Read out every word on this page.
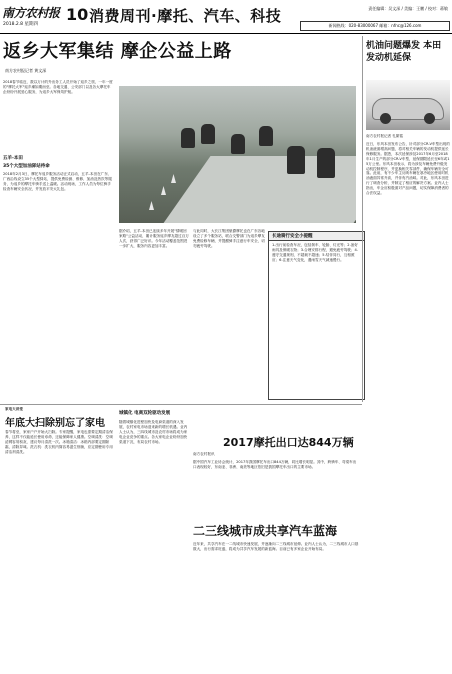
南方农村报
2018.2.8 星期四
10 消费周刊·摩托、汽车、科技	责任编辑：吴文深 / 美编：王鹏 / 校对：蒋敏
新闻热线：020-83000067 邮箱：nfnc@126.com
返乡大军集结 摩企公益上路
南方农村报记者 黄文深
2018春节临近，数以万计的外出务工人员开始了返乡之旅，一年一度的"摩托大军"返乡潮如期而至。各地交通、公安部门以及各大摩托车企纷纷开展爱心服务，为返乡大军保驾护航。
五羊-本田
35个大型加油驿站待命
2018年2月3日，摩托车返乡服务活动正式启动，五羊-本田在广东、广西沿线设立35个大型驿站，提供免费检测、维修、加油及热饮等服务，为返乡的摩托车骑手送上温暖。活动现场，工作人员为每位骑手检查车辆安全状况，并发放平安大礼包。
据介绍，五羊-本田已连续多年开展"情暖回家路"公益活动，累计服务返乡摩友超过百万人次，获得广泛好评。今年活动覆盖范围进一步扩大，服务内容更加丰富。
与此同时，大长江集团豪爵摩托也在广东各地设立了多个服务站，联合交警部门为返乡摩友免费检修车辆，并提醒骑手注意行车安全，切勿疲劳驾驶。
长途骑行安全小提醒
1.出行前检查车况，包括刹车、轮胎、灯光等；2.备好雨具及保暖衣物；3.合理安排行程，避免疲劳驾驶；4.遵守交通规则，不超载不超速；5.结伴同行，互相照应；6.注意天气变化，遇雨雪天气减速慢行。
机油问题爆发 本田发动机延保
南方农村报记者 孔繁铭
近日，东风本田发布公告，针对部分CR-V车型出现的机油液面增高问题，将对相关车辆的发动机提供延长保修服务。据悉，本次延保涉及2017年6月至2018年1月生产的部分CR-V车型，延保期限延长至6年或15万公里。东风本田表示，将为涉及车辆免费升级发动机控制程序，并更换相关零部件，确保车辆安全可靠。此前，有不少车主反映车辆在寒冷地区使用时机油液面异常升高，并伴有汽油味。对此，东风本田进行了调查分析，并制定了相应的解决方案。业内人士指出，车企应积极面对产品问题，切实保障消费者的合法权益。
家电大讲堂
年底大扫除别忘了家电
春节将至，家家户户开始大扫除。专家提醒，家电也需要定期清洁保养，这样不仅能延长使用寿命，还能保障家人健康。空调清洗：空调滤网容易积灰，建议每月清洗一次。冰箱清洁：冰箱内部要定期除霜，清除异味。洗衣机：洗衣机内筒容易滋生细菌，应定期使用专用清洁剂清洗。
城镇化 电商双轮驱动发展
随着城镇化进程加快及电商渠道的深入发展，农村家电市场迎来新的增长机遇。业内人士认为，三四线城市及农村市场将成为家电企业竞争的重点。各大家电企业纷纷加快渠道下沉，布局农村市场。	2017摩托出口达844万辆
南方农村报讯
据中国汽车工业协会统计，2017年我国摩托车出口844万辆，同比增长明显。其中，跨骑车、弯梁车出口表现较好，东南亚、非洲、南美等地区依旧是我国摩托车出口的主要市场。
二三线城市成共享汽车蓝海
近年来，共享汽车在一二线城市快速发展，并逐渐向二三线城市延伸。业内人士认为，二三线城市人口基数大，出行需求旺盛，将成为共享汽车发展的新蓝海。目前已有多家企业开始布局。
